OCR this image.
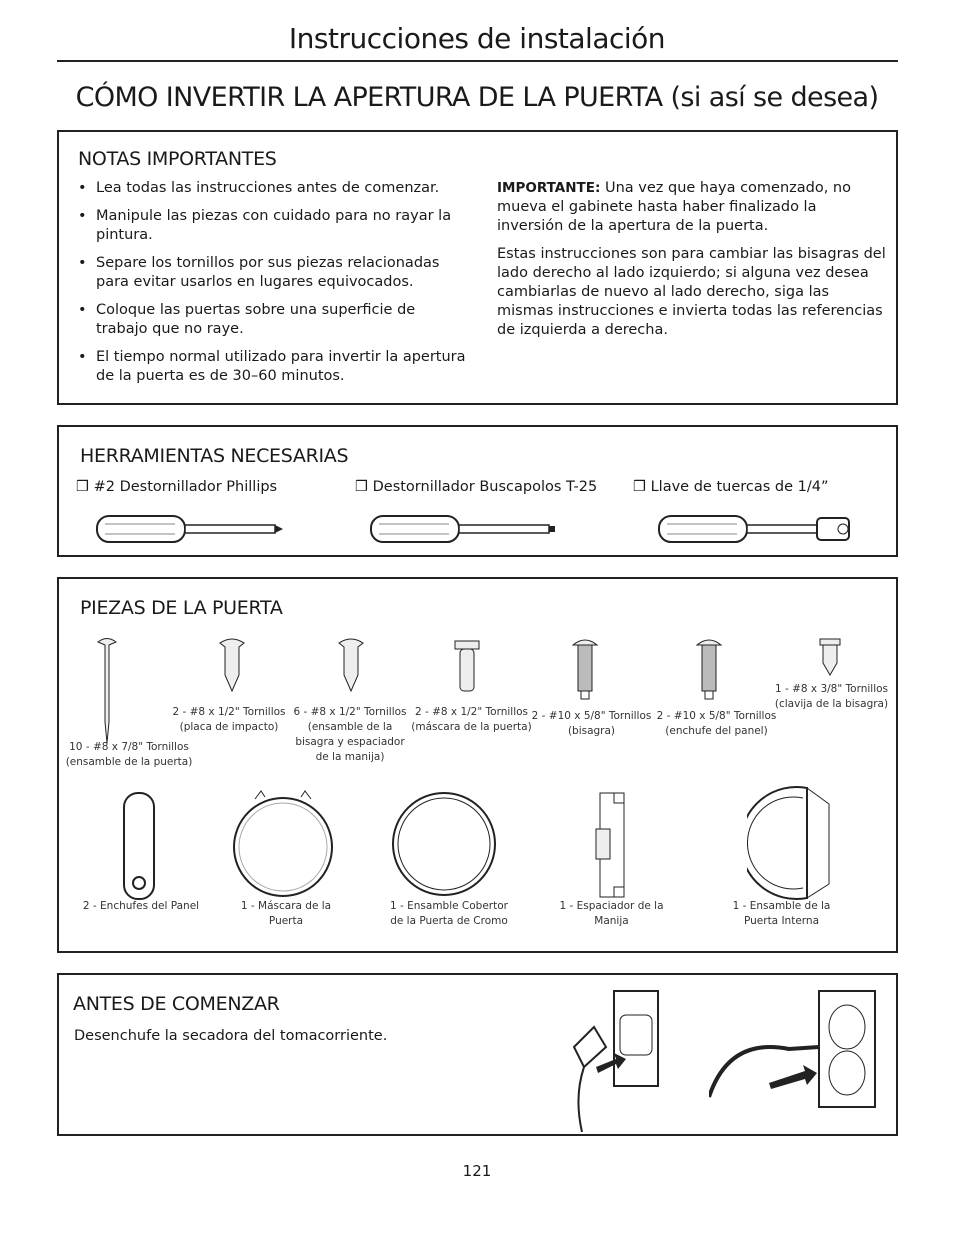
Instrucciones de instalación
CÓMO INVERTIR LA APERTURA DE LA PUERTA (si así se desea)
NOTAS IMPORTANTES
• Lea todas las instrucciones antes de comenzar.
• Manipule las piezas con cuidado para no rayar la pintura.
• Separe los tornillos por sus piezas relacionadas para evitar usarlos en lugares equivocados.
• Coloque las puertas sobre una superficie de trabajo que no raye.
• El tiempo normal utilizado para invertir la apertura de la puerta es de 30–60 minutos.

IMPORTANTE: Una vez que haya comenzado, no mueva el gabinete hasta haber finalizado la inversión de la apertura de la puerta.

Estas instrucciones son para cambiar las bisagras del lado derecho al lado izquierdo; si alguna vez desea cambiarlas de nuevo al lado derecho, siga las mismas instrucciones e invierta todas las referencias de izquierda a derecha.

HERRAMIENTAS NECESARIAS
❒ #2 Destornillador Phillips	❒ Destornillador Buscapolos T-25 ❒ Llave de tuercas de 1/4”
PIEZAS DE LA PUERTA
10 - #8 x 7/8" Tornillos (ensamble de la puerta)
2 - #8 x 1/2" Tornillos (placa de impacto)
6 - #8 x 1/2" Tornillos (ensamble de la bisagra y espaciador de la manija)
2 - #8 x 1/2" Tornillos (máscara de la puerta)
2 - #10 x 5/8" Tornillos (bisagra)
2 - #10 x 5/8" Tornillos (enchufe del panel)
1 - #8 x 3/8" Tornillos (clavija de la bisagra)
2 - Enchufes del Panel	1 - Máscara de la Puerta
1 - Ensamble Cobertor de la Puerta de Cromo
1 - Espaciador de la Manija
1 - Ensamble de la Puerta Interna
ANTES DE COMENZAR
Desenchufe la secadora del tomacorriente.
121
